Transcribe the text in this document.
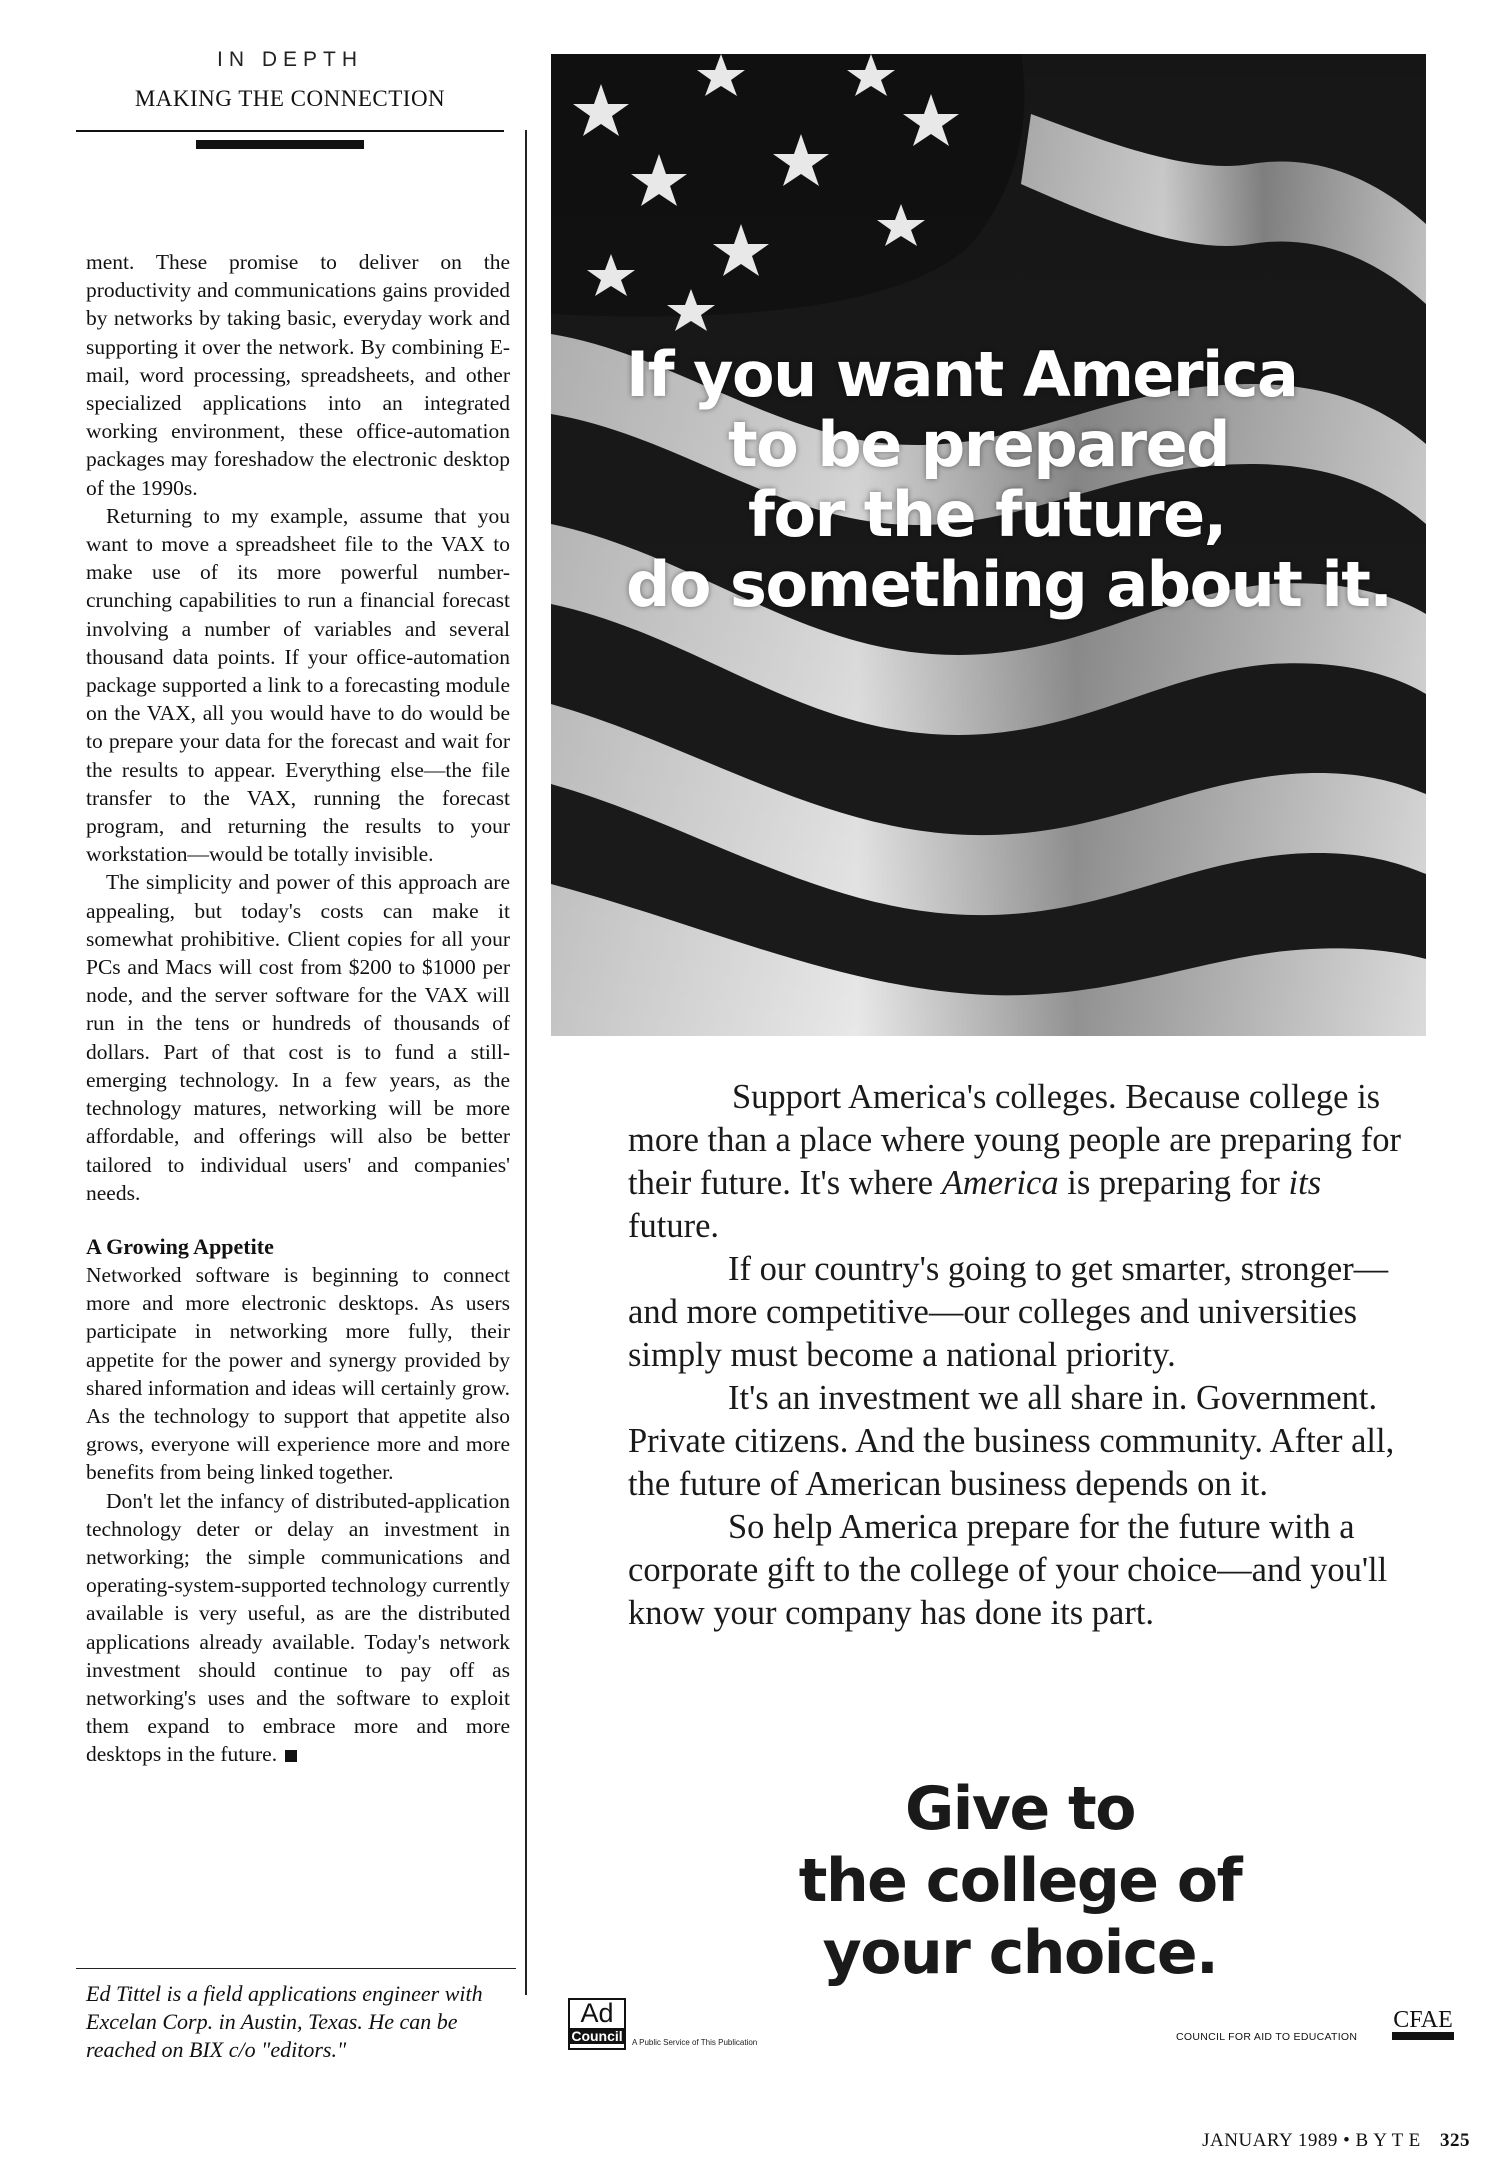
IN DEPTH
MAKING THE CONNECTION

ment. These promise to deliver on the productivity and communications gains provided by networks by taking basic, everyday work and supporting it over the network. By combining E-mail, word processing, spreadsheets, and other specialized applications into an integrated working environment, these office-automation packages may foreshadow the electronic desktop of the 1990s.

Returning to my example, assume that you want to move a spreadsheet file to the VAX to make use of its more powerful number-crunching capabilities to run a financial forecast involving a number of variables and several thousand data points. If your office-automation package supported a link to a forecasting module on the VAX, all you would have to do would be to prepare your data for the forecast and wait for the results to appear. Everything else—the file transfer to the VAX, running the forecast program, and returning the results to your workstation—would be totally invisible.

The simplicity and power of this approach are appealing, but today's costs can make it somewhat prohibitive. Client copies for all your PCs and Macs will cost from $200 to $1000 per node, and the server software for the VAX will run in the tens or hundreds of thousands of dollars. Part of that cost is to fund a still-emerging technology. In a few years, as the technology matures, networking will be more affordable, and offerings will also be better tailored to individual users' and companies' needs.

A Growing Appetite

Networked software is beginning to connect more and more electronic desktops. As users participate in networking more fully, their appetite for the power and synergy provided by shared information and ideas will certainly grow. As the technology to support that appetite also grows, everyone will experience more and more benefits from being linked together.

Don't let the infancy of distributed-application technology deter or delay an investment in networking; the simple communications and operating-system-supported technology currently available is very useful, as are the distributed applications already available. Today's network investment should continue to pay off as networking's uses and the software to exploit them expand to embrace more and more desktops in the future.

Ed Tittel is a field applications engineer with Excelan Corp. in Austin, Texas. He can be reached on BIX c/o "editors."
If you want America
to be prepared
for the future,
do something about it.

Support America's colleges. Because college is more than a place where young people are preparing for their future. It's where America is preparing for its future.

If our country's going to get smarter, stronger—and more competitive—our colleges and universities simply must become a national priority.

It's an investment we all share in. Government. Private citizens. And the business community. After all, the future of American business depends on it.

So help America prepare for the future with a corporate gift to the college of your choice—and you'll know your company has done its part.

Give to
the college of
your choice.
Ad
Council A Public Service of This Publication	COUNCIL FOR AID TO EDUCATION
CFAE
JANUARY 1989 • B Y T E 325
